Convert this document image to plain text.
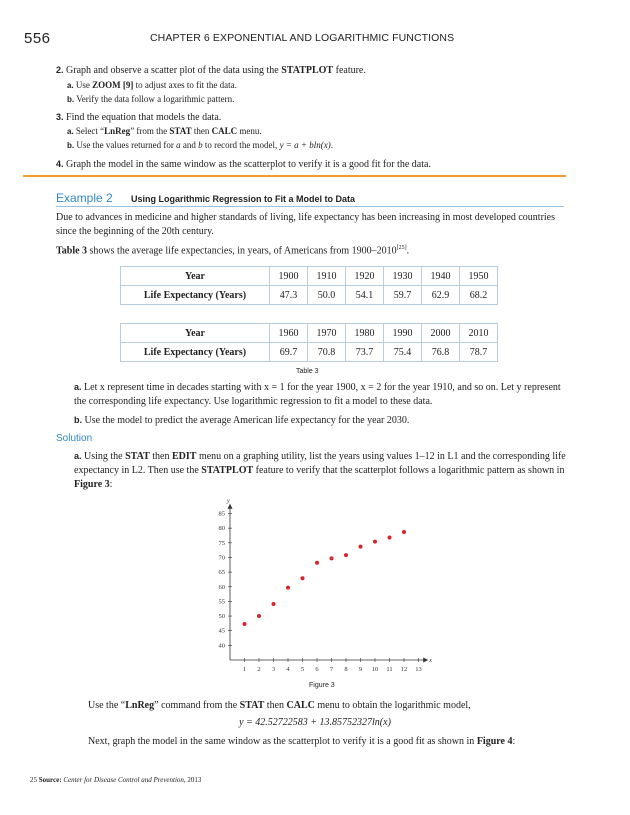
556	CHAPTER 6 EXPONENTIAL AND LOGARITHMIC FUNCTIONS
2. Graph and observe a scatter plot of the data using the STATPLOT feature.
a. Use ZOOM [9] to adjust axes to fit the data.
b. Verify the data follow a logarithmic pattern.
3. Find the equation that models the data.
a. Select “LnReg” from the STAT then CALC menu.
b. Use the values returned for a and b to record the model, y = a + bln(x).
4. Graph the model in the same window as the scatterplot to verify it is a good fit for the data.
Example 2 Using Logarithmic Regression to Fit a Model to Data
Due to advances in medicine and higher standards of living, life expectancy has been increasing in most developed countries since the beginning of the 20th century.
Table 3 shows the average life expectancies, in years, of Americans from 1900–2010[25].
Year	1900	1910	1920	1930	1940	1950
Life Expectancy (Years)	47.3	50.0	54.1	59.7	62.9	68.2
Year	1960	1970	1980	1990	2000	2010
Life Expectancy (Years)	69.7	70.8	73.7	75.4	76.8	78.7
Table 3
a. Let x represent time in decades starting with x = 1 for the year 1900, x = 2 for the year 1910, and so on. Let y represent the corresponding life expectancy. Use logarithmic regression to fit a model to these data.
b. Use the model to predict the average American life expectancy for the year 2030.
Solution
a. Using the STAT then EDIT menu on a graphing utility, list the years using values 1–12 in L1 and the corresponding life expectancy in L2. Then use the STATPLOT feature to verify that the scatterplot follows a logarithmic pattern as shown in Figure 3:
y
x
1 2 3 4 5 6 7 8 9 10 11 12 13
40
45
50
55
60
65
70
75
80
85
Figure 3
Use the “LnReg” command from the STAT then CALC menu to obtain the logarithmic model,
y = 42.52722583 + 13.85752327ln(x)
Next, graph the model in the same window as the scatterplot to verify it is a good fit as shown in Figure 4:
25 Source: Center for Disease Control and Prevention, 2013
